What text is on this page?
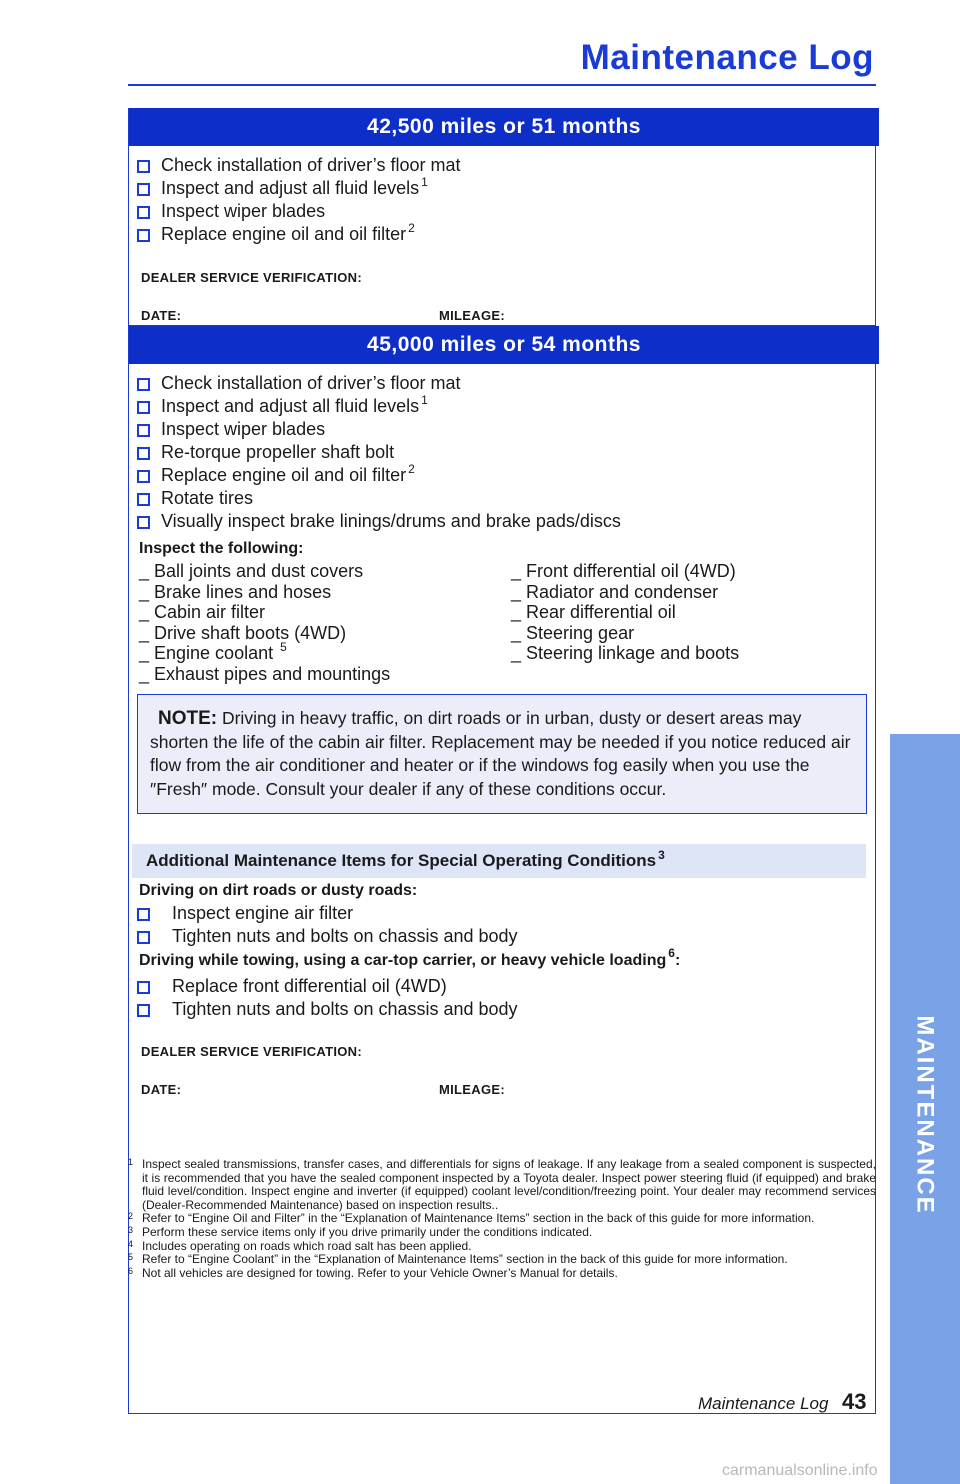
Maintenance Log
MAINTENANCE
42,500 miles or 51 months
Check installation of driver’s floor mat
Inspect and adjust all fluid levels$^1$
Inspect wiper blades
Replace engine oil and oil filter $^2$
DEALER SERVICE VERIFICATION:
DATE:	MILEAGE:
45,000 miles or 54 months
Check installation of driver’s floor mat
Inspect and adjust all fluid levels$^1$
Inspect wiper blades
Re-torque propeller shaft bolt
Replace engine oil and oil filter $^2$
Rotate tires
Visually inspect brake linings/drums and brake pads/discs
Inspect the following:
_ Ball joints and dust covers
_ Brake lines and hoses
_ Cabin air filter
_ Drive shaft boots (4WD)
_ Engine coolant $^5$
_ Exhaust pipes and mountings
_ Front differential oil (4WD)
_ Radiator and condenser
_ Rear differential oil
_ Steering gear
_ Steering linkage and boots
NOTE: Driving in heavy traffic, on dirt roads or in urban, dusty or desert areas may shorten the life of the cabin air filter. Replacement may be needed if you notice reduced air flow from the air conditioner and heater or if the windows fog easily when you use the ″Fresh″ mode. Consult your dealer if any of these conditions occur.
Additional Maintenance Items for Special Operating Conditions$^3$
Driving on dirt roads or dusty roads:
Inspect engine air filter
Tighten nuts and bolts on chassis and body
Driving while towing, using a car-top carrier, or heavy vehicle loading $^6$:
Replace front differential oil (4WD)
Tighten nuts and bolts on chassis and body
DEALER SERVICE VERIFICATION:
DATE:	MILEAGE:
1 Inspect sealed transmissions, transfer cases, and differentials for signs of leakage. If any leakage from a sealed component is suspected, it is recommended that you have the sealed component inspected by a Toyota dealer. Inspect power steering fluid (if equipped) and brake fluid level/condition. Inspect engine and inverter (if equipped) coolant level/condition/freezing point. Your dealer may recommend services (Dealer-Recommended Maintenance) based on inspection results..
2 Refer to “Engine Oil and Filter” in the “Explanation of Maintenance Items” section in the back of this guide for more information.
3 Perform these service items only if you drive primarily under the conditions indicated.
4 Includes operating on roads which road salt has been applied.
5 Refer to “Engine Coolant” in the “Explanation of Maintenance Items” section in the back of this guide for more information.
6 Not all vehicles are designed for towing. Refer to your Vehicle Owner’s Manual for details.
Maintenance Log 43
carmanualsonline.info
